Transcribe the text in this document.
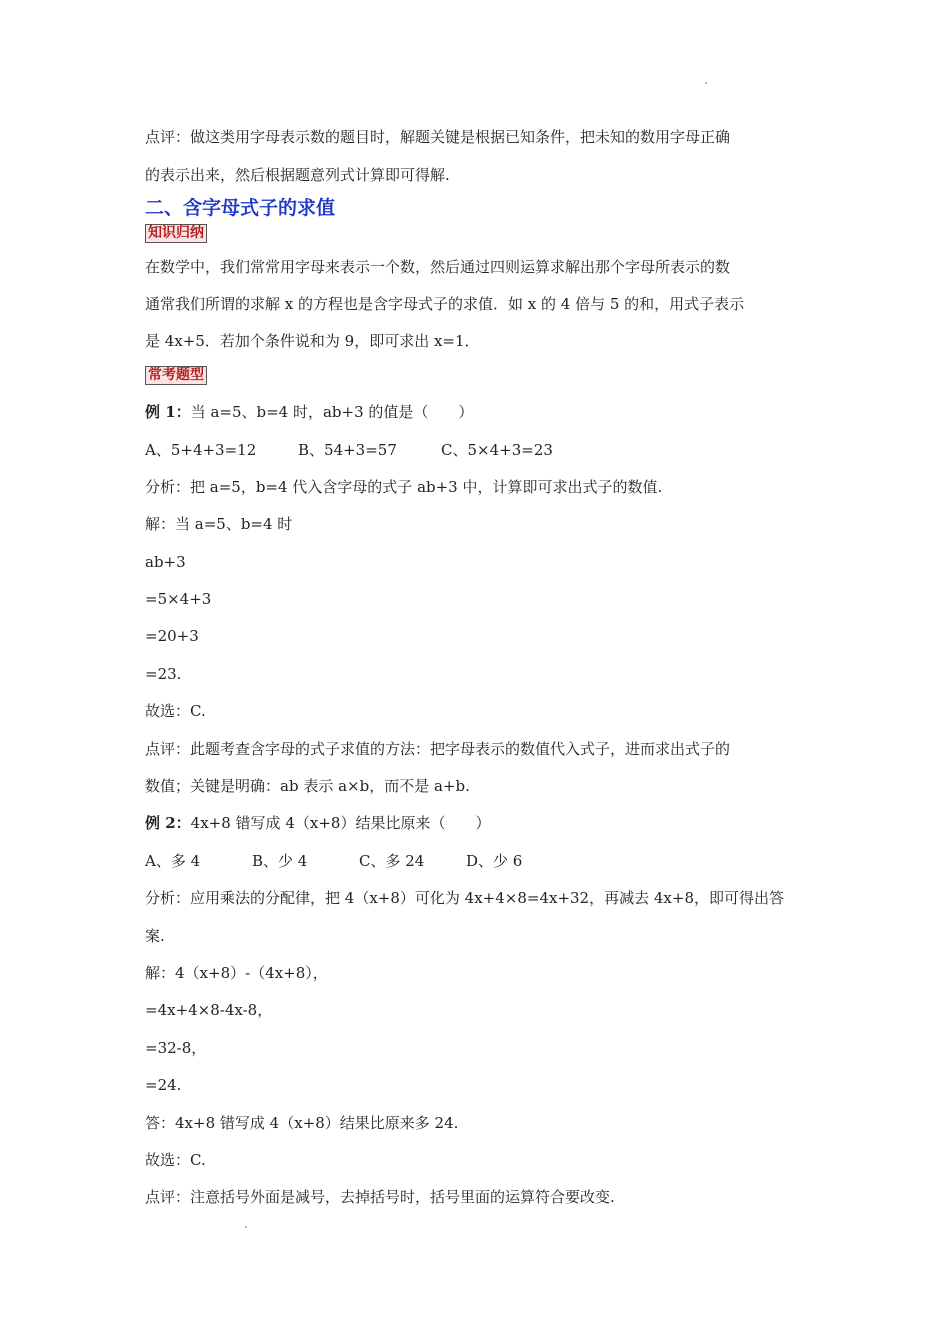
点评：做这类用字母表示数的题目时，解题关键是根据已知条件，把未知的数用字母正确
的表示出来，然后根据题意列式计算即可得解.
二、含字母式子的求值
知识归纳
在数学中，我们常常用字母来表示一个数，然后通过四则运算求解出那个字母所表示的数
通常我们所谓的求解 x 的方程也是含字母式子的求值．如 x 的 4 倍与 5 的和，用式子表示
是 4x+5．若加个条件说和为 9，即可求出 x=1．
常考题型
例 1：当 a=5、b=4 时，ab+3 的值是（　　）
A、5+4+3=12	B、54+3=57	C、5×4+3=23
分析：把 a=5，b=4 代入含字母的式子 ab+3 中，计算即可求出式子的数值.
解：当 a=5、b=4 时
ab+3
=5×4+3
=20+3
=23.
故选：C.
点评：此题考查含字母的式子求值的方法：把字母表示的数值代入式子，进而求出式子的
数值；关键是明确：ab 表示 a×b，而不是 a+b.
例 2：4x+8 错写成 4（x+8）结果比原来（　　）
A、多 4	B、少 4	C、多 24	D、少 6
分析：应用乘法的分配律，把 4（x+8）可化为 4x+4×8=4x+32，再减去 4x+8，即可得出答
案.
解：4（x+8）-（4x+8），
=4x+4×8-4x-8，
=32-8，
=24.
答：4x+8 错写成 4（x+8）结果比原来多 24.
故选：C.
点评：注意括号外面是减号，去掉括号时，括号里面的运算符合要改变.
